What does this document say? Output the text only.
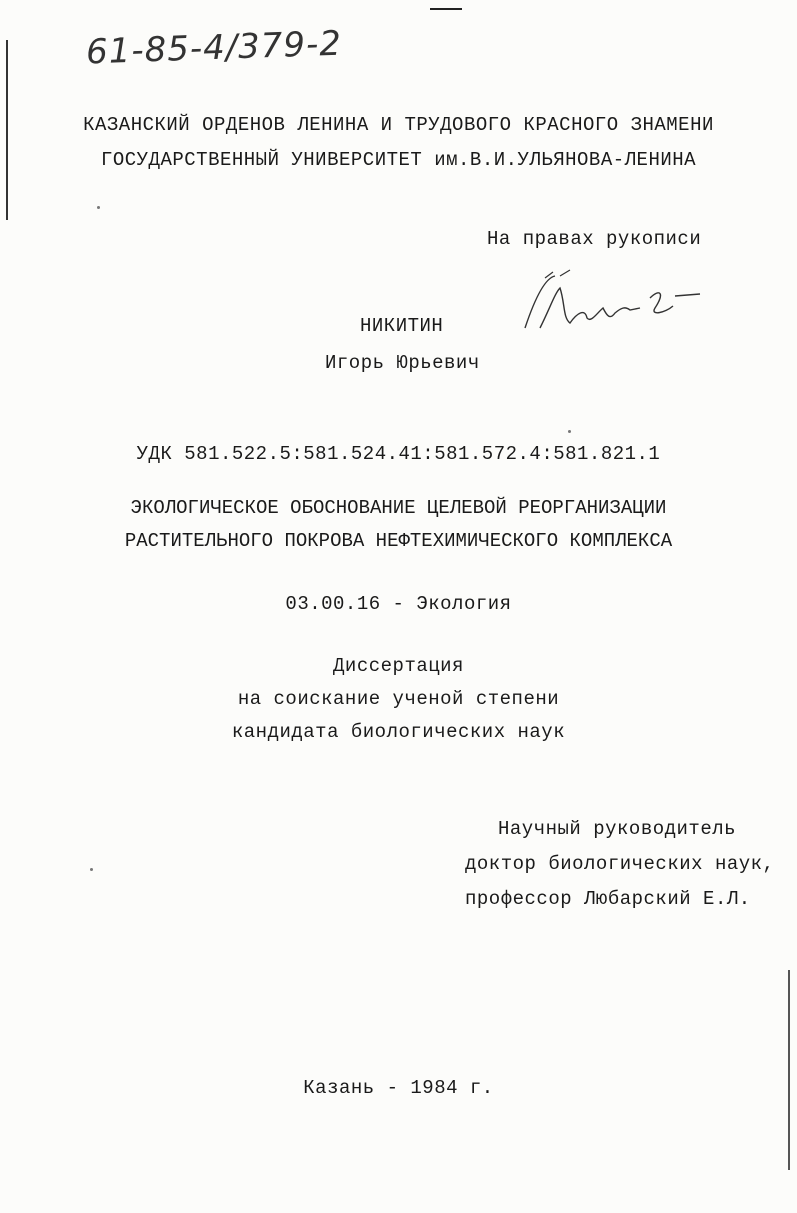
61-85-4/379-2
КАЗАНСКИЙ ОРДЕНОВ ЛЕНИНА И ТРУДОВОГО КРАСНОГО ЗНАМЕНИ
ГОСУДАРСТВЕННЫЙ УНИВЕРСИТЕТ им.В.И.УЛЬЯНОВА-ЛЕНИНА
На правах рукописи
НИКИТИН
Игорь Юрьевич
УДК 581.522.5:581.524.41:581.572.4:581.821.1
ЭКОЛОГИЧЕСКОЕ ОБОСНОВАНИЕ ЦЕЛЕВОЙ РЕОРГАНИЗАЦИИ
РАСТИТЕЛЬНОГО ПОКРОВА НЕФТЕХИМИЧЕСКОГО КОМПЛЕКСА
03.00.16 - Экология
Диссертация
на соискание ученой степени
кандидата биологических наук
Научный руководитель
доктор биологических наук,
профессор Любарский Е.Л.
Казань - 1984 г.
